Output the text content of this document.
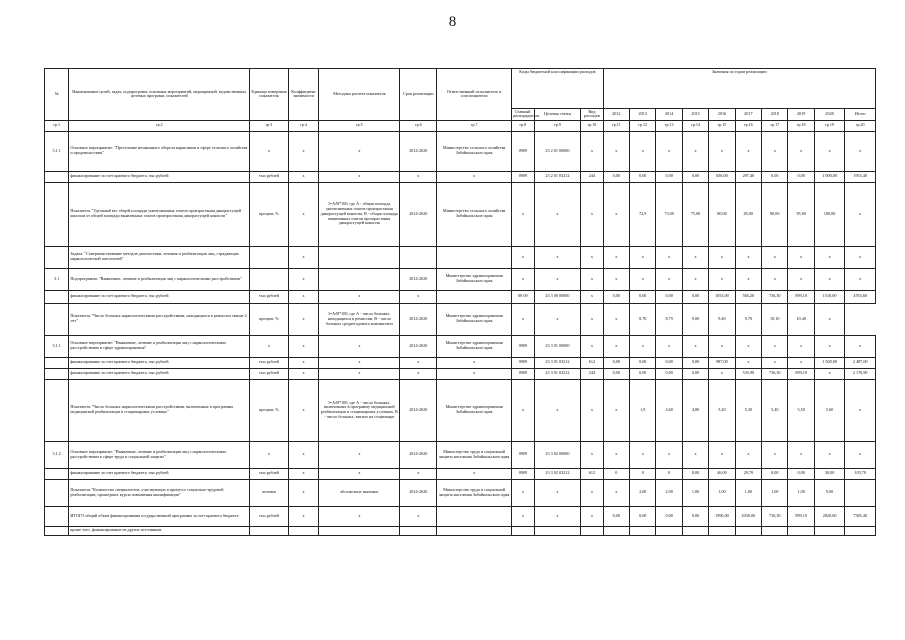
8
№	Наименование целей, задач, подпрограмм, основных мероприятий, мероприятий, ведомственных целевых программ, показателей	Единица измерения показателя	Коэффициент значимости	Методика расчета показателя	Срок реализации	Ответственный исполнитель и соисполнители	Коды бюджетной классификации расходов			Значения по годам реализации									
							Главный распорядитель	Целевая статья	Вид расходов	2012	2013	2014	2015	2016	2017	2018	2019	2020	Итого
гр.1	гр.2	гр.3	гр.4	гр.5	гр.6	гр.7	гр.8	гр.9	гр.10	гр.11	гр.12	гр.13	гр.14	гр.15	гр.16	гр.17	гр.18	гр.19	гр.20
3.1.1	Основное мероприятие: "Пресечение незаконного оборота наркотиков в сфере сельского хозяйства и продовольствия"	х	х	х	2014-2020	Министерство сельского хозяйства Забайкальского края	0909	23 2 01 00000	х	х	х	х	х	х	х	х	х	х	х
	финансирование за счет краевого бюджета, тыс.рублей	тыс.рублей	х	х	х	х	0909	23 2 01 03212	244	0,00	0,00	0,00	0,00	656,00	297,40	0,00	0,00	1 000,00	1953,40
	Показатель "Удельный вес общей площади уничтоженных очагов произрастания дикорастущей конопли от общей площади выявленных очагов произрастания дикорастущей конопли"	процент, %	х	I=A/B*100, где А - общая площадь уничтоженных очагов произрастания дикорастущей конопли; В - общая площадь выявленных очагов произрастания дикорастущей конопли	2014-2020	Министерство сельского хозяйства Забайкальского края	х	х	х	х	72,9	73,00	75,00	80,00	85,00	90,00	95,00	100,00	х
	Задача: "Совершенствование методов диагностики, лечения и реабилитации лиц, страдающих наркологической патологией"		х				х	х	х	х	х	х	х	х	х	х	х	х	х
3.1	Подпрограмма: "Выявление, лечение и реабилитация лиц с наркологическими расстройствами"		х		2014-2020	Министерство здравоохранения Забайкальского края	х	х	х	х	х	х	х	х	х	х	х	х	х
	финансирование за счет краевого бюджета, тыс.рублей	тыс.рублей	х	х	х		08 09	23 3 00 00000	х	0,00	0,00	0,00	0,00	1053,00	565,20	736,30	899,10	1510,00	4763,60
	Показатель "Число больных наркологическими расстройствами, находящихся в ремиссии свыше 2 лет"	процент, %	х	I=A/B*100, где А - число больных, находящихся в ремиссии, В - число больных среднегодового контингента	2014-2020	Министерство здравоохранения Забайкальского края	х	х	х	х	8,70	8,79	9,00	9,40	9,70	10,10	10,40	х	
3.1.1	Основное мероприятие: "Выявление, лечение и реабилитация лиц с наркологическими расстройствами в сфере здравоохранения"	х	х	х	2014-2020	Министерство здравоохранения Забайкальского края	0909	23 3 01 00000	х	х	х	х	х	х	х	х	х	х	х
	финансирование за счет краевого бюджета, тыс.рублей	тыс.рублей	х	х	х	х	0909	23 3 01 03212	612	0,00	0,00	0,00	0,00	987,00	х	х	х	1 500,00	2 487,00
	финансирование за счет краевого бюджета, тыс.рублей	тыс.рублей	х	х	х	х	0909	23 3 01 03212	244	0,00	0,00	0,00	0,00	х	535,90	736,30	899,10	х	2 170,90
	Показатель "Число больных наркологическими расстройствами, включенных в программы медицинской реабилитации в стационарных условиях"	процент, %	х	I=A/B*100, где А - число больных, включенных в программу медицинской реабилитации в стационарных условиях, В - число больных, взятых на стационаре	2014-2020	Министерство здравоохранения Забайкальского края	х	х	х	х	1,9	4,60	4,80	5,20	5,30	5,40	5,50	5,60	х
3.1.2	Основное мероприятие: "Выявление, лечение и реабилитация лиц с наркологическими расстройствами в сфере труда и социальной защиты"	х	х	х	2014-2020	Министерство труда и социальной защиты населения Забайкальского края	0909	23 3 02 00000	х	х	х	х	х	х	х	х	х	х	х
	финансирование за счет краевого бюджета, тыс.рублей	тыс.рублей	х	х	х	х	0909	23 3 02 03212	612	0	0	0	0,00	46,00	29,70	0,00	0,00	30,00	105,70
	Показатель "Количество специалистов, участвующих в процессе социально-трудовой реабилитации, прошедших курсы повышения квалификации"	человек	х	абсолютное значение	2014-2020	Министерство труда и социальной защиты населения Забайкальского края	х	х	х	х	2,00	2,00	1,00	1,00	1,00	1,00	1,00	9,00	
	ИТОГО общий объем финансирования государственной программы за счет краевого бюджета	тыс.рублей	х	х	х		х	х	х	0,00	0,00	0,00	0,00	1990,00	2030,00	736,30	899,10	2820,00	7385,40
	кроме того, финансирование из других источников:																		
